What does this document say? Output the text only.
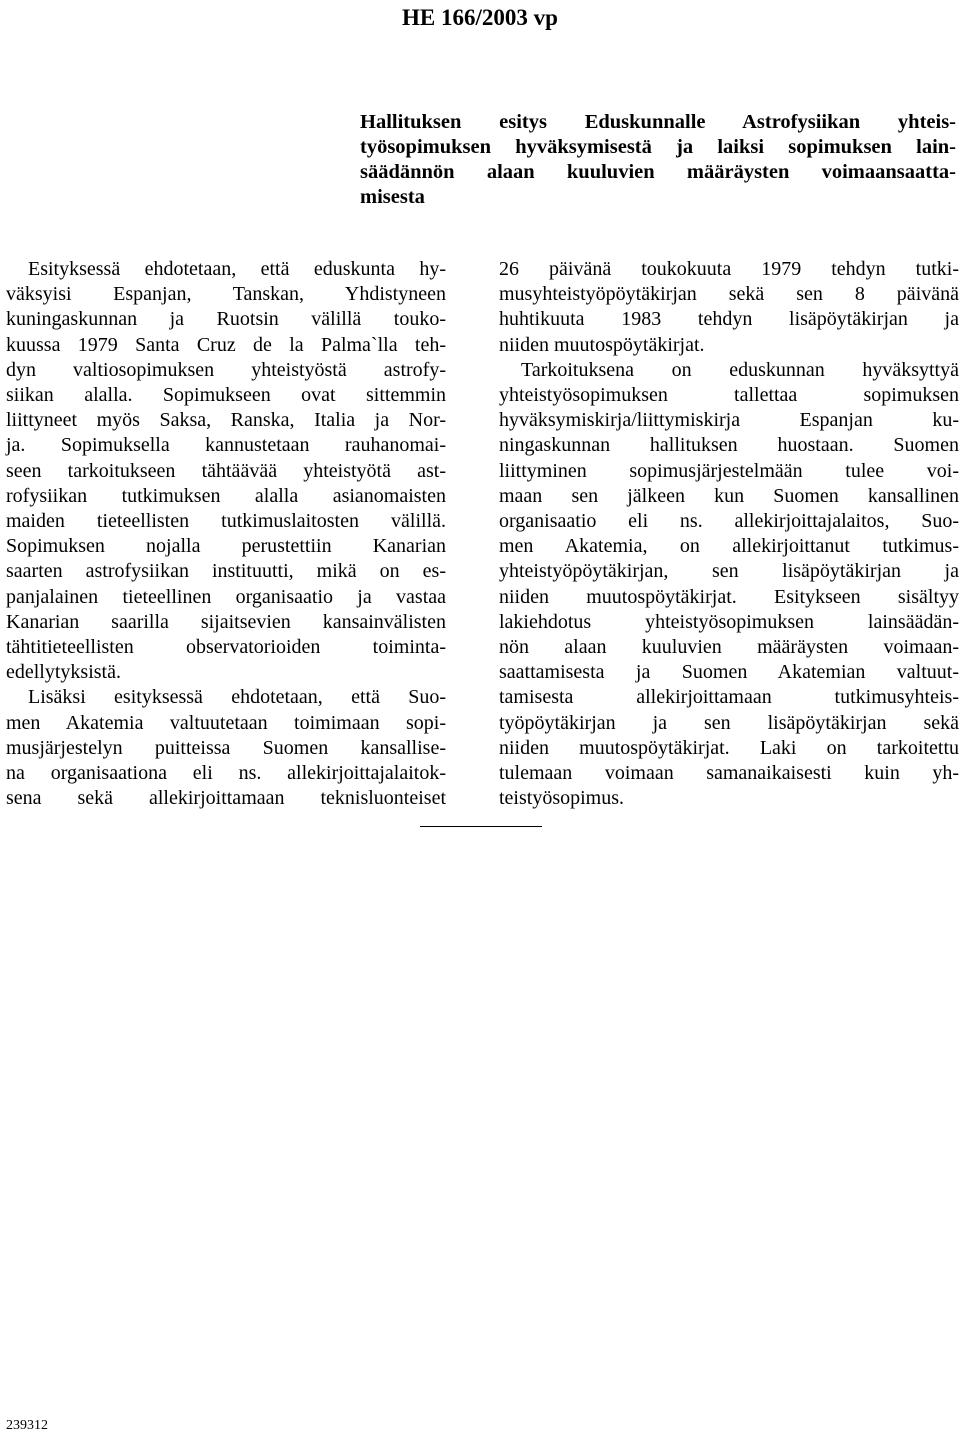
HE 166/2003 vp
Hallituksen esitys Eduskunnalle Astrofysiikan yhteis-
työsopimuksen hyväksymisestä ja laiksi sopimuksen lain-
säädännön alaan kuuluvien määräysten voimaansaatta-
misesta
Esityksessä ehdotetaan, että eduskunta hy-
väksyisi Espanjan, Tanskan, Yhdistyneen
kuningaskunnan ja Ruotsin välillä touko-
kuussa 1979 Santa Cruz de la Palma`lla teh-
dyn valtiosopimuksen yhteistyöstä astrofy-
siikan alalla. Sopimukseen ovat sittemmin
liittyneet myös Saksa, Ranska, Italia ja Nor-
ja. Sopimuksella kannustetaan rauhanomai-
seen tarkoitukseen tähtäävää yhteistyötä ast-
rofysiikan tutkimuksen alalla asianomaisten
maiden tieteellisten tutkimuslaitosten välillä.
Sopimuksen nojalla perustettiin Kanarian
saarten astrofysiikan instituutti, mikä on es-
panjalainen tieteellinen organisaatio ja vastaa
Kanarian saarilla sijaitsevien kansainvälisten
tähtitieteellisten observatorioiden toiminta-
edellytyksistä.
Lisäksi esityksessä ehdotetaan, että Suo-
men Akatemia valtuutetaan toimimaan sopi-
musjärjestelyn puitteissa Suomen kansallise-
na organisaationa eli ns. allekirjoittajalaitok-
sena sekä allekirjoittamaan teknisluonteiset
26 päivänä toukokuuta 1979 tehdyn tutki-
musyhteistyöpöytäkirjan sekä sen 8 päivänä
huhtikuuta 1983 tehdyn lisäpöytäkirjan ja
niiden muutospöytäkirjat.
Tarkoituksena on eduskunnan hyväksyttyä
yhteistyösopimuksen tallettaa sopimuksen
hyväksymiskirja/liittymiskirja Espanjan ku-
ningaskunnan hallituksen huostaan. Suomen
liittyminen sopimusjärjestelmään tulee voi-
maan sen jälkeen kun Suomen kansallinen
organisaatio eli ns. allekirjoittajalaitos, Suo-
men Akatemia, on allekirjoittanut tutkimus-
yhteistyöpöytäkirjan, sen lisäpöytäkirjan ja
niiden muutospöytäkirjat. Esitykseen sisältyy
lakiehdotus yhteistyösopimuksen lainsäädän-
nön alaan kuuluvien määräysten voimaan-
saattamisesta ja Suomen Akatemian valtuut-
tamisesta allekirjoittamaan tutkimusyhteis-
työpöytäkirjan ja sen lisäpöytäkirjan sekä
niiden muutospöytäkirjat. Laki on tarkoitettu
tulemaan voimaan samanaikaisesti kuin yh-
teistyösopimus.
239312
